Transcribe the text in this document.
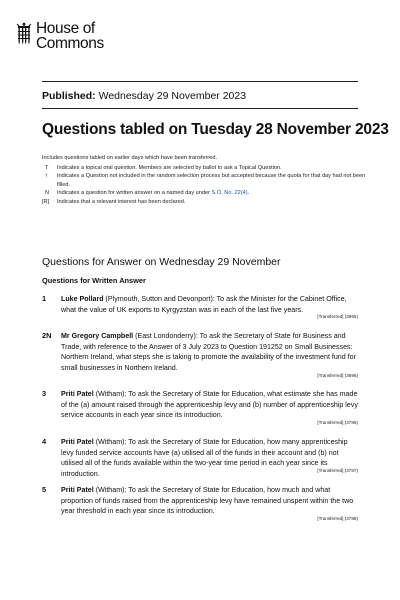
House of
Commons
Published: Wednesday 29 November 2023
Questions tabled on Tuesday 28 November 2023
Includes questions tabled on earlier days which have been transferred.
T	Indicates a topical oral question. Members are selected by ballot to ask a Topical Question.
†	Indicates a Question not included in the random selection process but accepted because the quota for that day had not been filled.
N	Indicates a question for written answer on a named day under S.O. No. 22(4).
[R]	Indicates that a relevant interest has been declared.
Questions for Answer on Wednesday 29 November
Questions for Written Answer
1 Luke Pollard (Plymouth, Sutton and Devonport): To ask the Minister for the Cabinet Office, what the value of UK exports to Kyrgyzstan was in each of the last five years.
[Transferred] (3956)
2N Mr Gregory Campbell (East Londonderry): To ask the Secretary of State for Business and Trade, with reference to the Answer of 3 July 2023 to Question 191252 on Small Businesses: Northern Ireland, what steps she is taking to promote the availability of the investment fund for small businesses in Northern Ireland.
[Transferred] (3596)
3 Priti Patel (Witham): To ask the Secretary of State for Education, what estimate she has made of the (a) amount raised through the apprenticeship levy and (b) number of apprenticeship levy service accounts in each year since its introduction.
[Transferred] (3786)
4 Priti Patel (Witham): To ask the Secretary of State for Education, how many apprenticeship levy funded service accounts have (a) utilised all of the funds in their account and (b) not utilised all of the funds available within the two-year time period in each year since its introduction.	[Transferred] (3787)
5 Priti Patel (Witham): To ask the Secretary of State for Education, how much and what proportion of funds raised from the apprenticeship levy have remained unspent within the two year threshold in each year since its introduction.
[Transferred] (3788)
